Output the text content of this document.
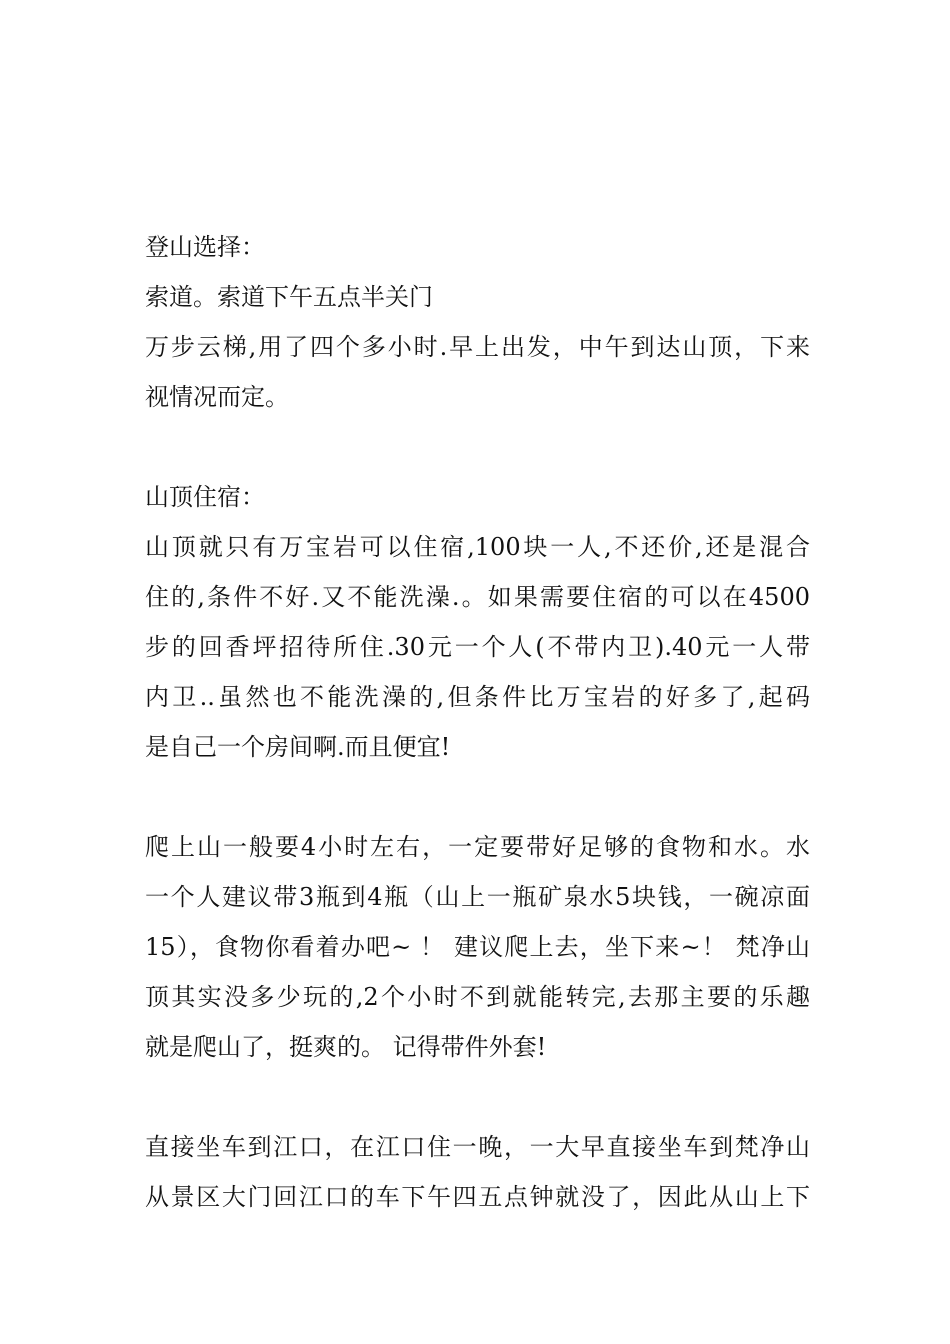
登山选择：
索道。索道下午五点半关门
万步云梯,用了四个多小时.早上出发，中午到达山顶，下来
视情况而定。
山顶住宿：
山顶就只有万宝岩可以住宿,100块一人,不还价,还是混合
住的,条件不好.又不能洗澡.。如果需要住宿的可以在4500
步的回香坪招待所住.30元一个人(不带内卫).40元一人带
内卫..虽然也不能洗澡的,但条件比万宝岩的好多了,起码
是自己一个房间啊.而且便宜!
爬上山一般要4小时左右，一定要带好足够的食物和水。水
一个人建议带3瓶到4瓶（山上一瓶矿泉水5块钱，一碗凉面
15），食物你看着办吧~ ！ 建议爬上去，坐下来~！ 梵净山
顶其实没多少玩的,2个小时不到就能转完,去那主要的乐趣
就是爬山了，挺爽的。 记得带件外套!
直接坐车到江口，在江口住一晚，一大早直接坐车到梵净山
从景区大门回江口的车下午四五点钟就没了，因此从山上下
